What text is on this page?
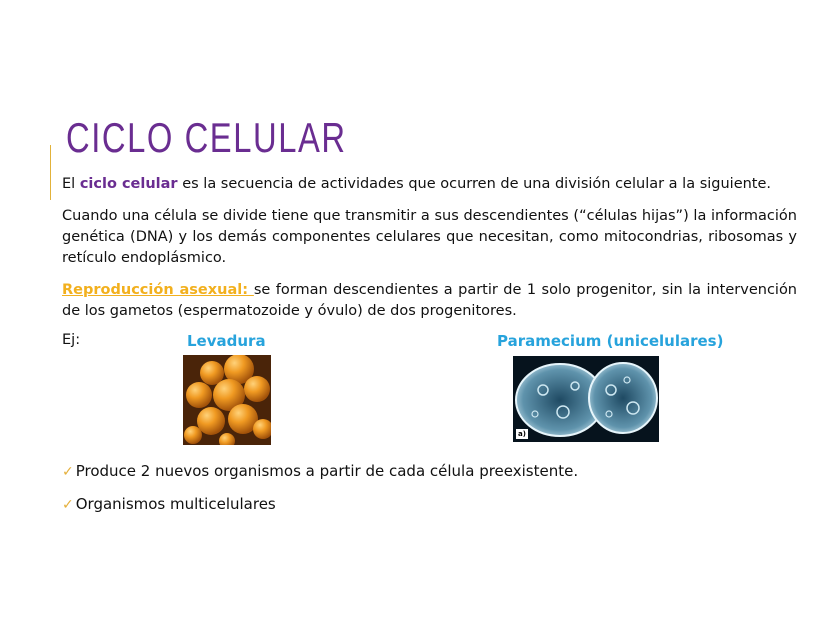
CICLO CELULAR
El ciclo celular es la secuencia de actividades que ocurren de una división celular a la siguiente.
Cuando una célula se divide tiene que transmitir a sus descendientes (“células hijas”) la información genética (DNA) y los demás componentes celulares que necesitan, como mitocondrias, ribosomas y retículo endoplásmico.
Reproducción asexual: se forman descendientes a partir de 1 solo progenitor, sin la intervención de los gametos (espermatozoide y óvulo) de dos progenitores.
Ej:	Levadura	Paramecium (unicelulares)
a)
✓ Produce 2 nuevos organismos a partir de cada célula preexistente.
✓ Organismos multicelulares
